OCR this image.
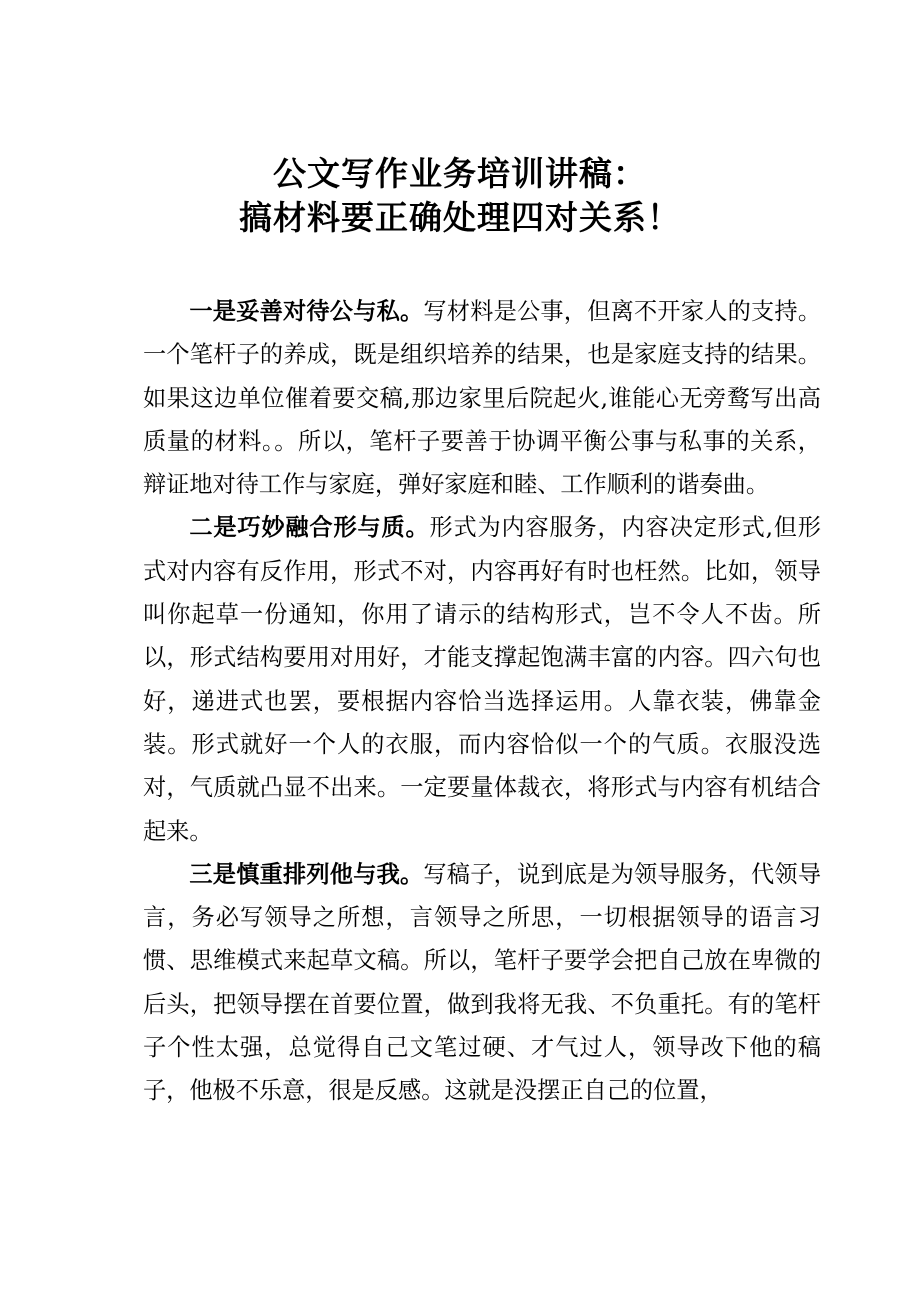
公文写作业务培训讲稿：
搞材料要正确处理四对关系！

一是妥善对待公与私。写材料是公事，但离不开家人的支持。一个笔杆子的养成，既是组织培养的结果，也是家庭支持的结果。如果这边单位催着要交稿,那边家里后院起火,谁能心无旁鹜写出高质量的材料。。所以，笔杆子要善于协调平衡公事与私事的关系，辩证地对待工作与家庭，弹好家庭和睦、工作顺利的谐奏曲。

二是巧妙融合形与质。形式为内容服务，内容决定形式,但形式对内容有反作用，形式不对，内容再好有时也枉然。比如，领导叫你起草一份通知，你用了请示的结构形式，岂不令人不齿。所以，形式结构要用对用好，才能支撑起饱满丰富的内容。四六句也好，递进式也罢，要根据内容恰当选择运用。人靠衣装，佛靠金装。形式就好一个人的衣服，而内容恰似一个的气质。衣服没选对，气质就凸显不出来。一定要量体裁衣，将形式与内容有机结合起来。

三是慎重排列他与我。写稿子，说到底是为领导服务，代领导言，务必写领导之所想，言领导之所思，一切根据领导的语言习惯、思维模式来起草文稿。所以，笔杆子要学会把自己放在卑微的后头，把领导摆在首要位置，做到我将无我、不负重托。有的笔杆子个性太强，总觉得自己文笔过硬、才气过人，领导改下他的稿子，他极不乐意，很是反感。这就是没摆正自己的位置，
